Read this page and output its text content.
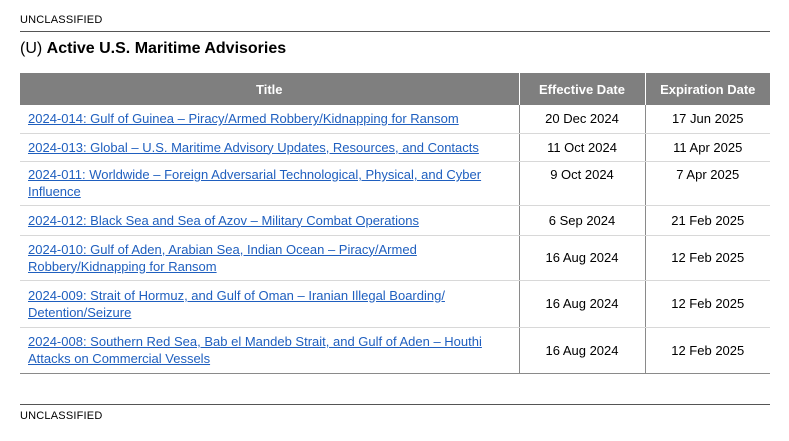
UNCLASSIFIED
(U) Active U.S. Maritime Advisories
Title	Effective Date	Expiration Date
2024-014: Gulf of Guinea – Piracy/Armed Robbery/Kidnapping for Ransom	20 Dec 2024	17 Jun 2025
2024-013: Global – U.S. Maritime Advisory Updates, Resources, and Contacts	11 Oct 2024	11 Apr 2025
2024-011: Worldwide – Foreign Adversarial Technological, Physical, and Cyber Influence	9 Oct 2024	7 Apr 2025
2024-012: Black Sea and Sea of Azov – Military Combat Operations	6 Sep 2024	21 Feb 2025
2024-010: Gulf of Aden, Arabian Sea, Indian Ocean – Piracy/Armed Robbery/Kidnapping for Ransom	16 Aug 2024	12 Feb 2025
2024-009: Strait of Hormuz, and Gulf of Oman – Iranian Illegal Boarding/ Detention/Seizure	16 Aug 2024	12 Feb 2025
2024-008: Southern Red Sea, Bab el Mandeb Strait, and Gulf of Aden – Houthi Attacks on Commercial Vessels	16 Aug 2024	12 Feb 2025
UNCLASSIFIED
